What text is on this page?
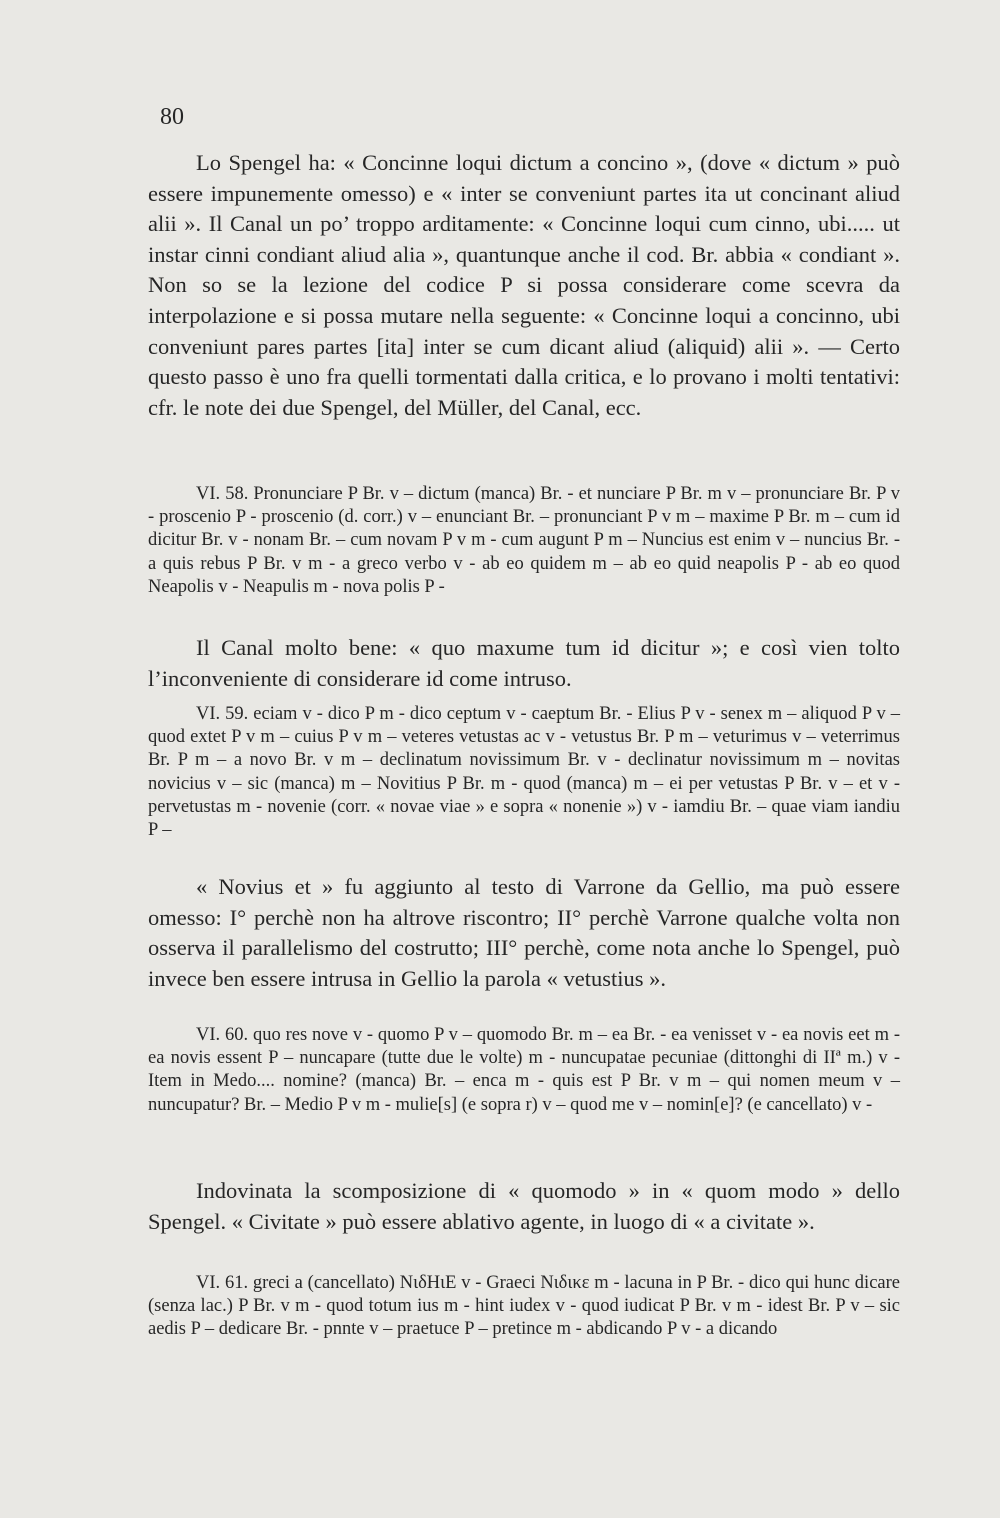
80

Lo Spengel ha: « Concinne loqui dictum a concino », (dove « dictum » può essere impunemente omesso) e « inter se conveniunt partes ita ut concinant aliud alii ». Il Canal un po’ troppo arditamente: « Concinne loqui cum cinno, ubi..... ut instar cinni condiant aliud alia », quantunque anche il cod. Br. abbia « condiant ». Non so se la lezione del codice P si possa considerare come scevra da interpolazione e si possa mutare nella seguente: « Concinne loqui a concinno, ubi conveniunt pares partes [ita] inter se cum dicant aliud (aliquid) alii ». — Certo questo passo è uno fra quelli tormentati dalla critica, e lo provano i molti tentativi: cfr. le note dei due Spengel, del Müller, del Canal, ecc.

VI. 58. Pronunciare P Br. v – dictum (manca) Br. - et nunciare P Br. m v – pronunciare Br. P v - proscenio P - proscenio (d. corr.) v – enunciant Br. – pronunciant P v m – maxime P Br. m – cum id dicitur Br. v - nonam Br. – cum novam P v m - cum augunt P m – Nuncius est enim v – nuncius Br. - a quis rebus P Br. v m - a greco verbo v - ab eo quidem m – ab eo quid neapolis P - ab eo quod Neapolis v - Neapulis m - nova polis P -

Il Canal molto bene: « quo maxume tum id dicitur »; e così vien tolto l’inconveniente di considerare id come intruso.

VI. 59. eciam v - dico P m - dico ceptum v - caeptum Br. - Elius P v - senex m – aliquod P v – quod extet P v m – cuius P v m – veteres vetustas ac v - vetustus Br. P m – veturimus v – veterrimus Br. P m – a novo Br. v m – declinatum novissimum Br. v - declinatur novissimum m – novitas novicius v – sic (manca) m – Novitius P Br. m - quod (manca) m – ei per vetustas P Br. v – et v - pervetustas m - novenie (corr. « novae viae » e sopra « nonenie ») v - iamdiu Br. – quae viam iandiu P –

« Novius et » fu aggiunto al testo di Varrone da Gellio, ma può essere omesso: I° perchè non ha altrove riscontro; II° perchè Varrone qualche volta non osserva il parallelismo del costrutto; III° perchè, come nota anche lo Spengel, può invece ben essere intrusa in Gellio la parola « vetustius ».

VI. 60. quo res nove v - quomo P v – quomodo Br. m – ea Br. - ea venisset v - ea novis eet m - ea novis essent P – nuncapare (tutte due le volte) m - nuncupatae pecuniae (dittonghi di IIª m.) v - Item in Medo.... nomine? (manca) Br. – enca m - quis est P Br. v m – qui nomen meum v – nuncupatur? Br. – Medio P v m - mulie[s] (e sopra r) v – quod me v – nomin[e]? (e cancellato) v -

Indovinata la scomposizione di « quomodo » in « quom modo » dello Spengel. « Civitate » può essere ablativo agente, in luogo di « a civitate ».

VI. 61. greci a (cancellato) ΝιδΗιΕ v - Graeci Νιδικε m - lacuna in P Br. - dico qui hunc dicare (senza lac.) P Br. v m - quod totum ius m - hint iudex v - quod iudicat P Br. v m - idest Br. P v – sic aedis P – dedicare Br. - pnnte v – praetuce P – pretince m - abdicando P v - a dicando
